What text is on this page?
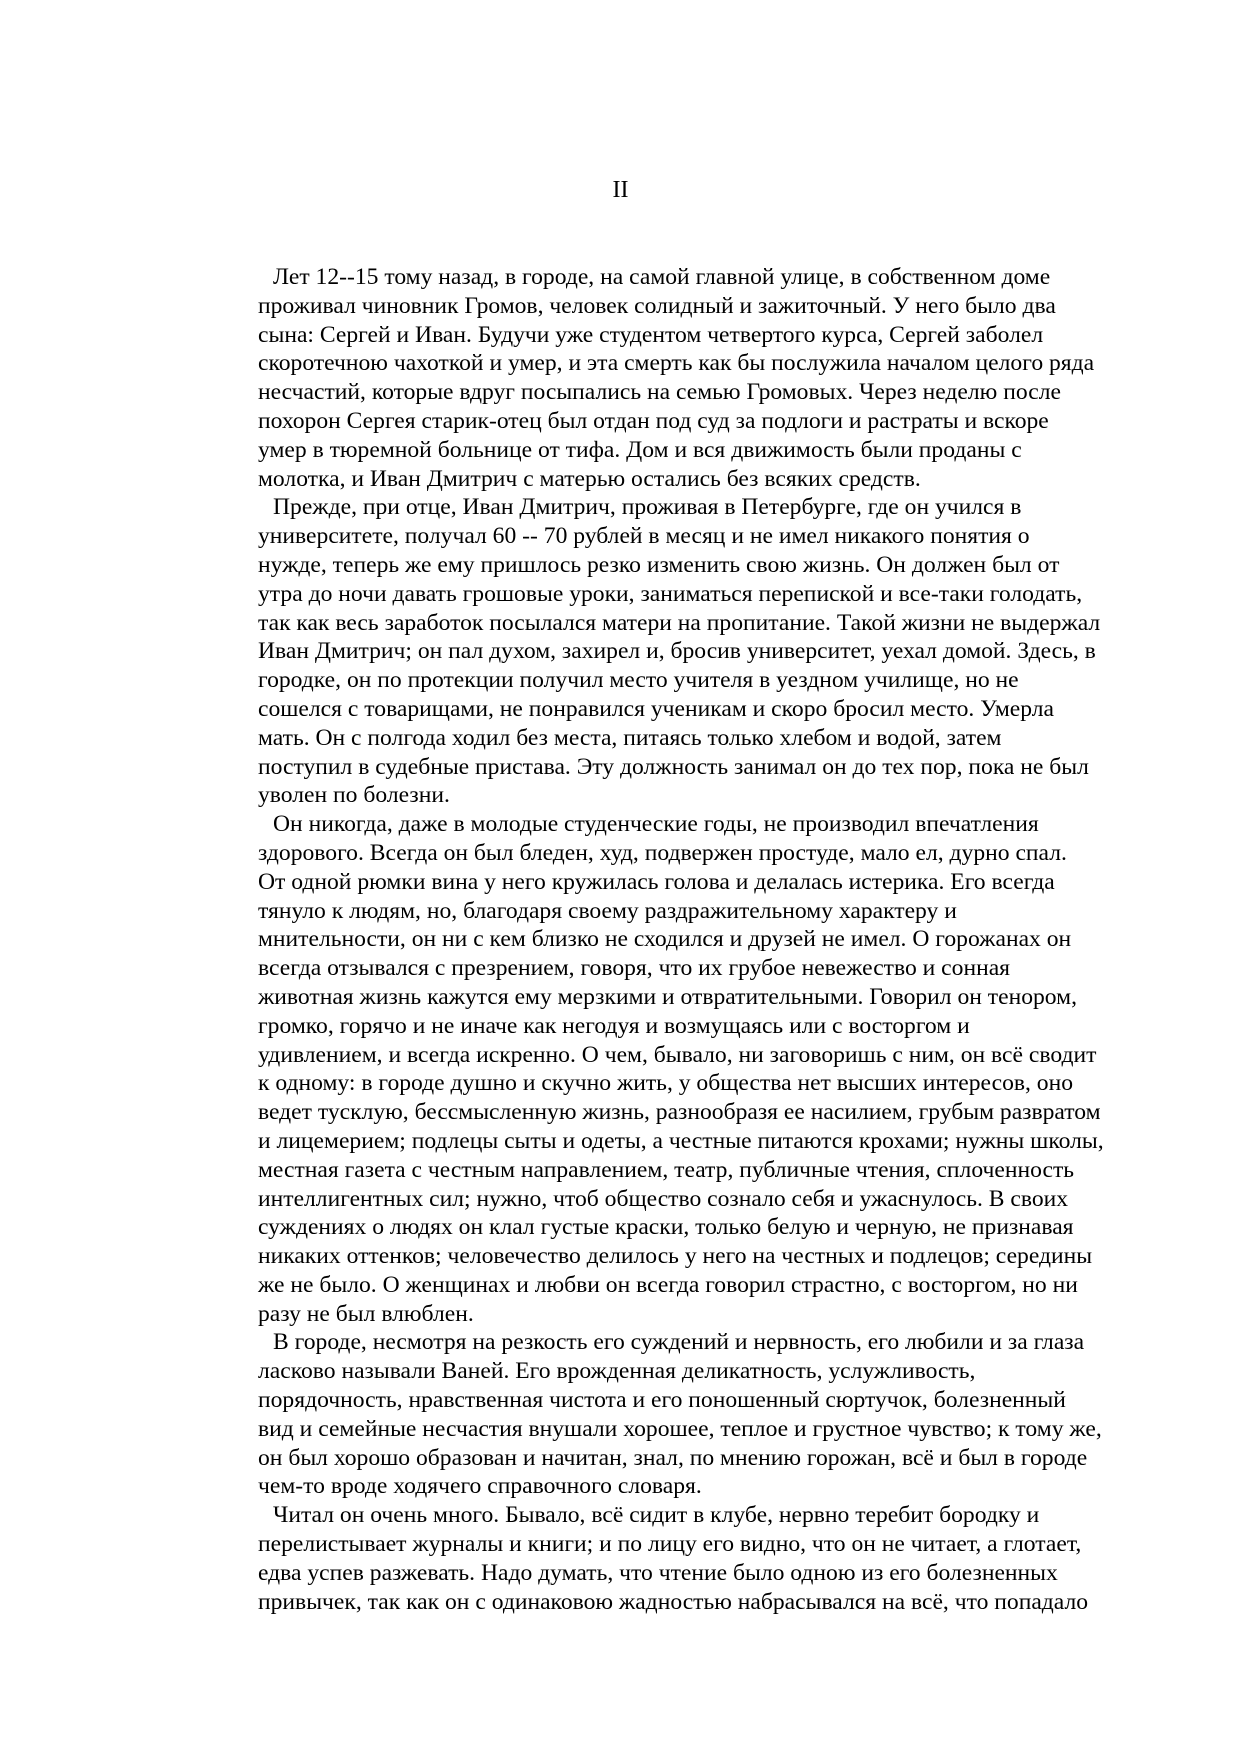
II
Лет 12--15 тому назад, в городе, на самой главной улице, в собственном доме
проживал чиновник Громов, человек солидный и зажиточный. У него было два
сына: Сергей и Иван. Будучи уже студентом четвертого курса, Сергей заболел
скоротечною чахоткой и умер, и эта смерть как бы послужила началом целого ряда
несчастий, которые вдруг посыпались на семью Громовых. Через неделю после
похорон Сергея старик-отец был отдан под суд за подлоги и растраты и вскоре
умер в тюремной больнице от тифа. Дом и вся движимость были проданы с
молотка, и Иван Дмитрич с матерью остались без всяких средств.
Прежде, при отце, Иван Дмитрич, проживая в Петербурге, где он учился в
университете, получал 60 -- 70 рублей в месяц и не имел никакого понятия о
нужде, теперь же ему пришлось резко изменить свою жизнь. Он должен был от
утра до ночи давать грошовые уроки, заниматься перепиской и все-таки голодать,
так как весь заработок посылался матери на пропитание. Такой жизни не выдержал
Иван Дмитрич; он пал духом, захирел и, бросив университет, уехал домой. Здесь, в
городке, он по протекции получил место учителя в уездном училище, но не
сошелся с товарищами, не понравился ученикам и скоро бросил место. Умерла
мать. Он с полгода ходил без места, питаясь только хлебом и водой, затем
поступил в судебные пристава. Эту должность занимал он до тех пор, пока не был
уволен по болезни.
Он никогда, даже в молодые студенческие годы, не производил впечатления
здорового. Всегда он был бледен, худ, подвержен простуде, мало ел, дурно спал.
От одной рюмки вина у него кружилась голова и делалась истерика. Его всегда
тянуло к людям, но, благодаря своему раздражительному характеру и
мнительности, он ни с кем близко не сходился и друзей не имел. О горожанах он
всегда отзывался с презрением, говоря, что их грубое невежество и сонная
животная жизнь кажутся ему мерзкими и отвратительными. Говорил он тенором,
громко, горячо и не иначе как негодуя и возмущаясь или с восторгом и
удивлением, и всегда искренно. О чем, бывало, ни заговоришь с ним, он всё сводит
к одному: в городе душно и скучно жить, у общества нет высших интересов, оно
ведет тусклую, бессмысленную жизнь, разнообразя ее насилием, грубым развратом
и лицемерием; подлецы сыты и одеты, а честные питаются крохами; нужны школы,
местная газета с честным направлением, театр, публичные чтения, сплоченность
интеллигентных сил; нужно, чтоб общество сознало себя и ужаснулось. В своих
суждениях о людях он клал густые краски, только белую и черную, не признавая
никаких оттенков; человечество делилось у него на честных и подлецов; середины
же не было. О женщинах и любви он всегда говорил страстно, с восторгом, но ни
разу не был влюблен.
В городе, несмотря на резкость его суждений и нервность, его любили и за глаза
ласково называли Ваней. Его врожденная деликатность, услужливость,
порядочность, нравственная чистота и его поношенный сюртучок, болезненный
вид и семейные несчастия внушали хорошее, теплое и грустное чувство; к тому же,
он был хорошо образован и начитан, знал, по мнению горожан, всё и был в городе
чем-то вроде ходячего справочного словаря.
Читал он очень много. Бывало, всё сидит в клубе, нервно теребит бородку и
перелистывает журналы и книги; и по лицу его видно, что он не читает, а глотает,
едва успев разжевать. Надо думать, что чтение было одною из его болезненных
привычек, так как он с одинаковою жадностью набрасывался на всё, что попадало
